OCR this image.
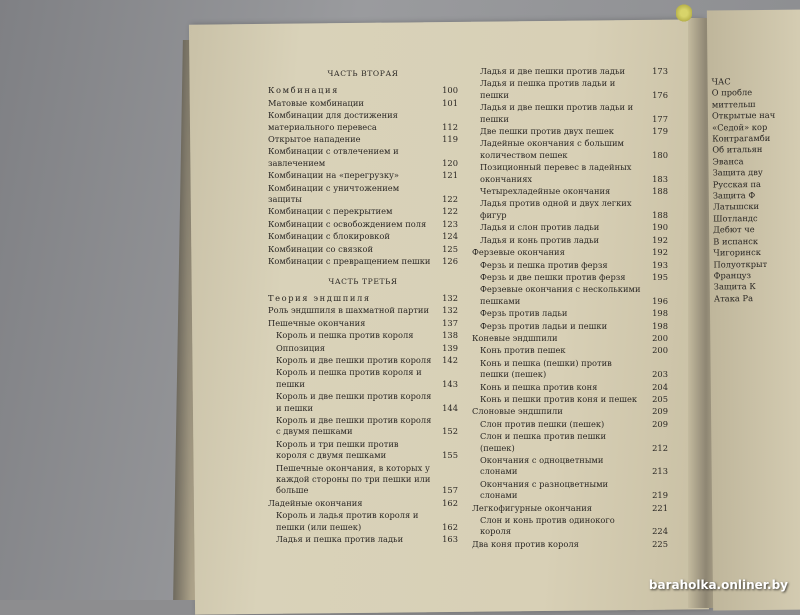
ЧАС
О пробле
миттельш
Открытые нач
«Седой» кор
Контрагамби
Об итальян
Эванса
Защита дву
Русская па
Защита Ф
Латышски
Шотландс
Дебют че
В испанск
Чигоринск
Полуоткрыт
Француз
Защита К
Атака Ра
ЧАСТЬ ВТОРАЯ
Комбинация	100
Матовые комбинации	101
Комбинации для достижения материального перевеса	112
Открытое нападение	119
Комбинации с отвлечением и завлечением	120
Комбинации на «перегрузку»	121
Комбинации с уничтожением защиты	122
Комбинации с перекрытием	122
Комбинации с освобождением поля	123
Комбинации с блокировкой	124
Комбинации со связкой	125
Комбинации с превращением пешки	126
ЧАСТЬ ТРЕТЬЯ
Теория эндшпиля	132
Роль эндшпиля в шахматной партии	132
Пешечные окончания	137
Король и пешка против короля	138
Оппозиция	139
Король и две пешки против короля	142
Король и пешка против короля и пешки	143
Король и две пешки против короля и пешки	144
Король и две пешки против короля с двумя пешками	152
Король и три пешки против короля с двумя пешками	155
Пешечные окончания, в которых у каждой стороны по три пешки или больше	157
Ладейные окончания	162
Король и ладья против короля и пешки (или пешек)	162
Ладья и пешка против ладьи	163
Ладья и две пешки против ладьи	173
Ладья и пешка против ладьи и пешки	176
Ладья и две пешки против ладьи и пешки	177
Две пешки против двух пешек	179
Ладейные окончания с большим количеством пешек	180
Позиционный перевес в ладейных окончаниях	183
Четырехладейные окончания	188
Ладья против одной и двух легких фигур	188
Ладья и слон против ладьи	190
Ладья и конь против ладьи	192
Ферзевые окончания	192
Ферзь и пешка против ферзя	193
Ферзь и две пешки против ферзя	195
Ферзевые окончания с несколькими пешками	196
Ферзь против ладьи	198
Ферзь против ладьи и пешки	198
Коневые эндшпили	200
Конь против пешек	200
Конь и пешка (пешки) против пешки (пешек)	203
Конь и пешка против коня	204
Конь и пешки против коня и пешек	205
Слоновые эндшпили	209
Слон против пешки (пешек)	209
Слон и пешка против пешки (пешек)	212
Окончания с одноцветными слонами	213
Окончания с разноцветными слонами	219
Легкофигурные окончания	221
Слон и конь против одинокого короля	224
Два коня против короля	225
baraholka.onliner.by
